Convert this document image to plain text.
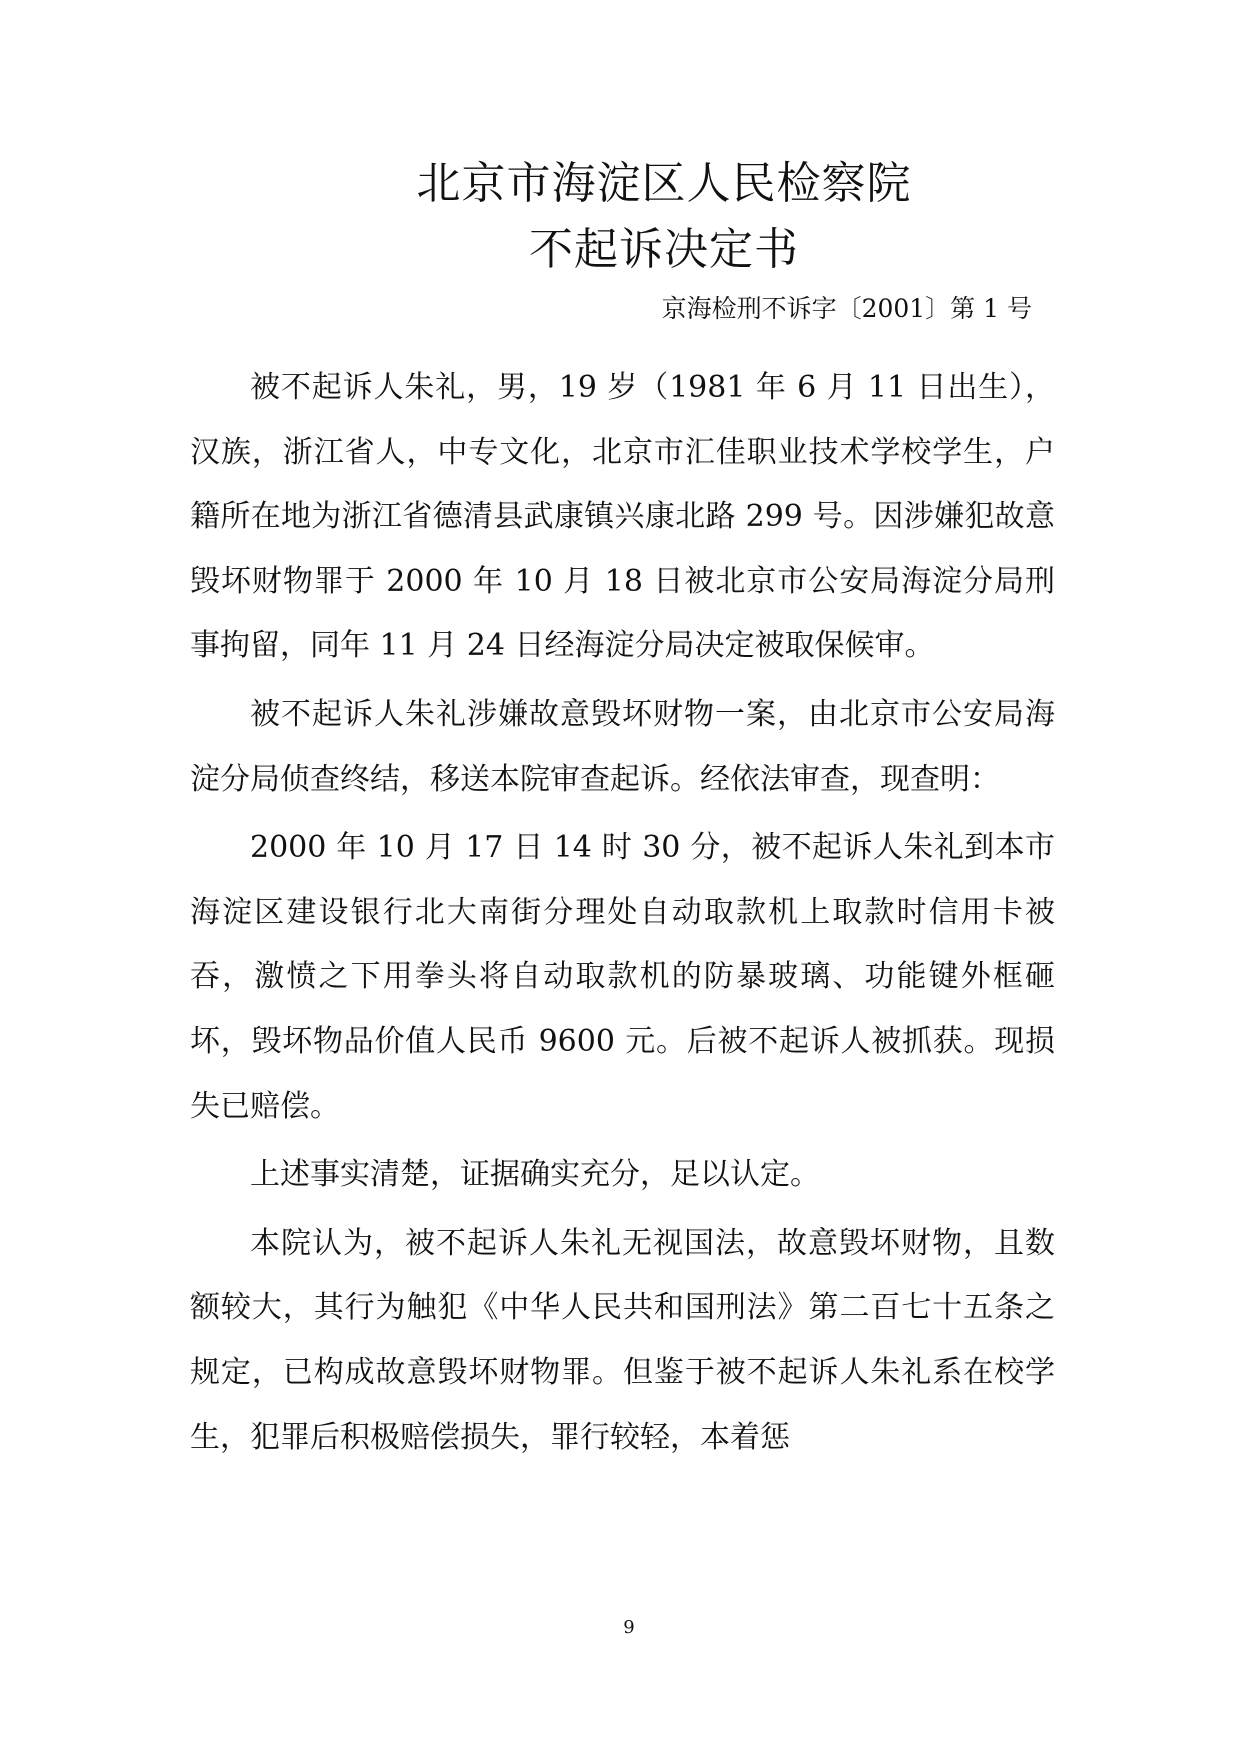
北京市海淀区人民检察院
不起诉决定书
京海检刑不诉字〔2001〕第 1 号

被不起诉人朱礼，男，19 岁（1981 年 6 月 11 日出生），汉族，浙江省人，中专文化，北京市汇佳职业技术学校学生，户籍所在地为浙江省德清县武康镇兴康北路 299 号。因涉嫌犯故意毁坏财物罪于 2000 年 10 月 18 日被北京市公安局海淀分局刑事拘留，同年 11 月 24 日经海淀分局决定被取保候审。

被不起诉人朱礼涉嫌故意毁坏财物一案，由北京市公安局海淀分局侦查终结，移送本院审查起诉。经依法审查，现查明：

2000 年 10 月 17 日 14 时 30 分，被不起诉人朱礼到本市海淀区建设银行北大南街分理处自动取款机上取款时信用卡被吞，激愤之下用拳头将自动取款机的防暴玻璃、功能键外框砸坏，毁坏物品价值人民币 9600 元。后被不起诉人被抓获。现损失已赔偿。

上述事实清楚，证据确实充分，足以认定。

本院认为，被不起诉人朱礼无视国法，故意毁坏财物，且数额较大，其行为触犯《中华人民共和国刑法》第二百七十五条之规定，已构成故意毁坏财物罪。但鉴于被不起诉人朱礼系在校学生，犯罪后积极赔偿损失，罪行较轻，本着惩

9
